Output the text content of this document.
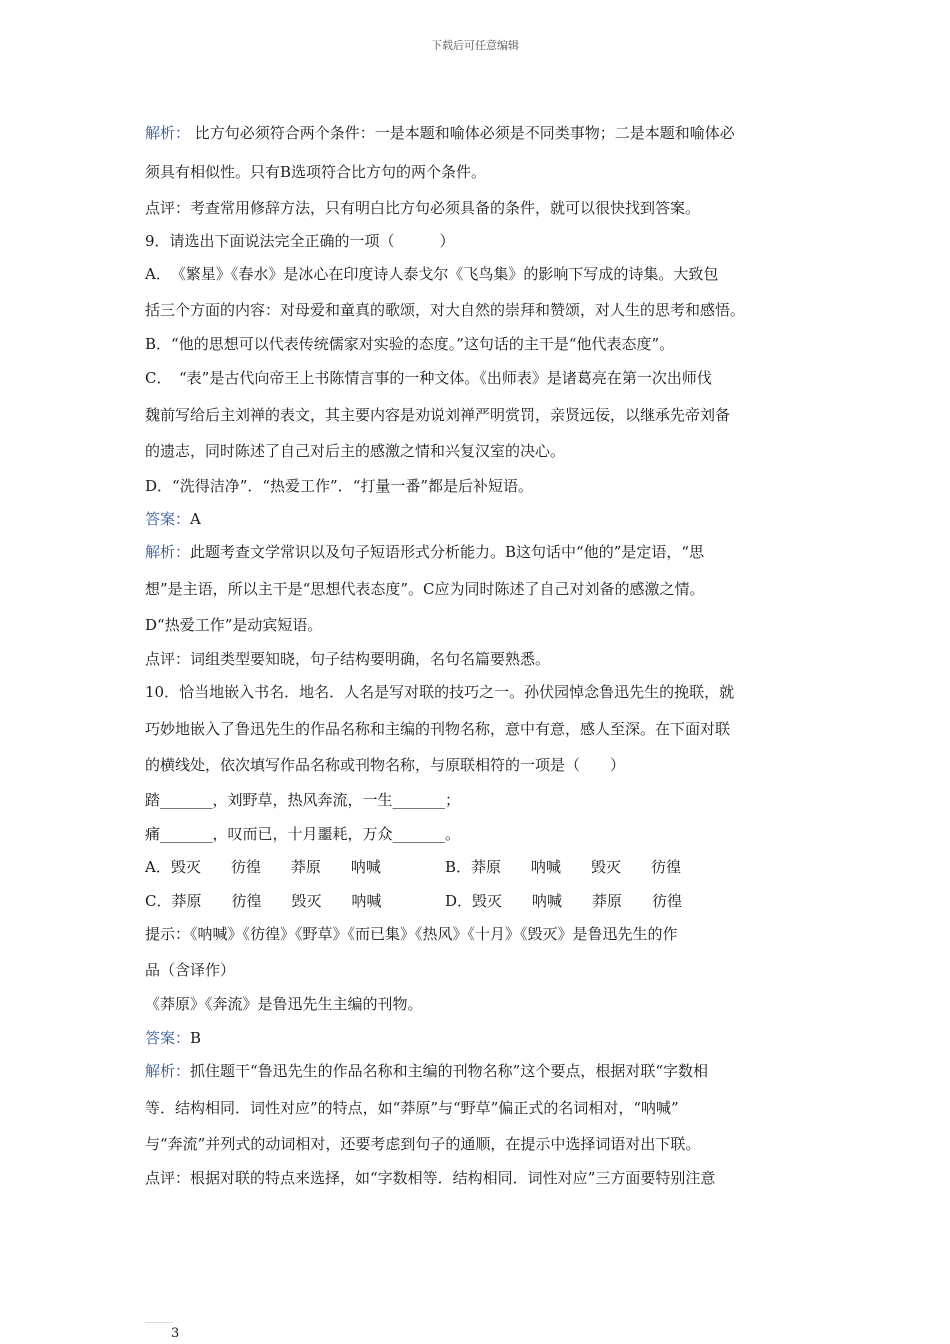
下载后可任意编辑
解析： 比方句必须符合两个条件：一是本题和喻体必须是不同类事物；二是本题和喻体必
须具有相似性。只有B选项符合比方句的两个条件。
点评：考查常用修辞方法，只有明白比方句必须具备的条件，就可以很快找到答案。
9．请选出下面说法完全正确的一项（　　　）
A．　《繁星》《春水》是冰心在印度诗人泰戈尔《飞鸟集》的影响下写成的诗集。大致包
括三个方面的内容：对母爱和童真的歌颂，对大自然的崇拜和赞颂，对人生的思考和感悟。
B．“他的思想可以代表传统儒家对实验的态度。”这句话的主干是“他代表态度”。
C．　“表”是古代向帝王上书陈情言事的一种文体。《出师表》是诸葛亮在第一次出师伐
魏前写给后主刘禅的表文，其主要内容是劝说刘禅严明赏罚，亲贤远佞，以继承先帝刘备
的遗志，同时陈述了自己对后主的感激之情和兴复汉室的决心。
D．“洗得洁净”．“热爱工作”．“打量一番”都是后补短语。
答案：A
解析：此题考查文学常识以及句子短语形式分析能力。B这句话中“他的”是定语，“思
想”是主语，所以主干是“思想代表态度”。C应为同时陈述了自己对刘备的感激之情。
D“热爱工作”是动宾短语。
点评：词组类型要知晓，句子结构要明确，名句名篇要熟悉。
10．恰当地嵌入书名．地名．人名是写对联的技巧之一。孙伏园悼念鲁迅先生的挽联，就
巧妙地嵌入了鲁迅先生的作品名称和主编的刊物名称，意中有意，感人至深。在下面对联
的横线处，依次填写作品名称或刊物名称，与原联相符的一项是（　　）
踏_______，刘野草，热风奔流，一生_______；
痛_______，叹而已，十月噩耗，万众_______。
A．毁灭　　彷徨　　莽原　　呐喊	B．莽原　　呐喊　　毁灭　　彷徨
C．莽原　　彷徨　　毁灭　　呐喊	D．毁灭　　呐喊　　莽原　　彷徨
提示：《呐喊》《彷徨》《野草》《而已集》《热风》《十月》《毁灭》是鲁迅先生的作
品（含译作）
《莽原》《奔流》是鲁迅先生主编的刊物。
答案：B
解析：抓住题干“鲁迅先生的作品名称和主编的刊物名称”这个要点，根据对联“字数相
等．结构相同．词性对应”的特点，如“莽原”与“野草”偏正式的名词相对，“呐喊”
与“奔流”并列式的动词相对，还要考虑到句子的通顺，在提示中选择词语对出下联。
点评：根据对联的特点来选择，如“字数相等．结构相同．词性对应”三方面要特别注意
3
